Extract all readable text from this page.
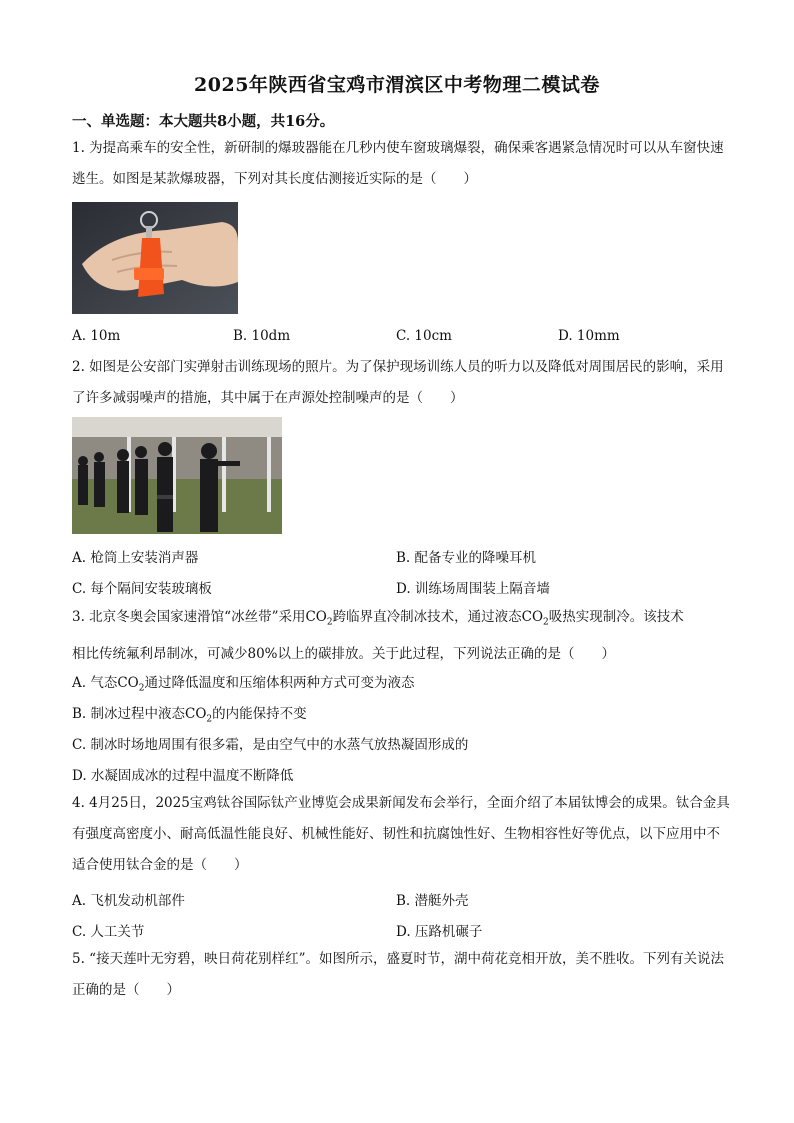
2025年陕西省宝鸡市渭滨区中考物理二模试卷
一、单选题：本大题共8小题，共16分。
1. 为提高乘车的安全性，新研制的爆玻器能在几秒内使车窗玻璃爆裂，确保乘客遇紧急情况时可以从车窗快速逃生。如图是某款爆玻器，下列对其长度估测接近实际的是（　　）
A. 10m	B. 10dm	C. 10cm	D. 10mm
2. 如图是公安部门实弹射击训练现场的照片。为了保护现场训练人员的听力以及降低对周围居民的影响，采用了许多减弱噪声的措施，其中属于在声源处控制噪声的是（　　）
A. 枪筒上安装消声器	B. 配备专业的降噪耳机
C. 每个隔间安装玻璃板	D. 训练场周围装上隔音墙
3. 北京冬奥会国家速滑馆“冰丝带”采用$CO_2$跨临界直冷制冰技术，通过液态$CO_2$吸热实现制冷。该技术
相比传统氟利昂制冰，可减少80%以上的碳排放。关于此过程，下列说法正确的是（　　）
A. 气态$CO_2$通过降低温度和压缩体积两种方式可变为液态
B. 制冰过程中液态$CO_2$的内能保持不变
C. 制冰时场地周围有很多霜，是由空气中的水蒸气放热凝固形成的
D. 水凝固成冰的过程中温度不断降低
4. 4月25日，2025宝鸡钛谷国际钛产业博览会成果新闻发布会举行，全面介绍了本届钛博会的成果。钛合金具有强度高密度小、耐高低温性能良好、机械性能好、韧性和抗腐蚀性好、生物相容性好等优点，以下应用中不适合使用钛合金的是（　　）
A. 飞机发动机部件	B. 潜艇外壳
C. 人工关节	D. 压路机碾子
5. “接天莲叶无穷碧，映日荷花别样红”。如图所示，盛夏时节，湖中荷花竞相开放，美不胜收。下列有关说法正确的是（　　）
